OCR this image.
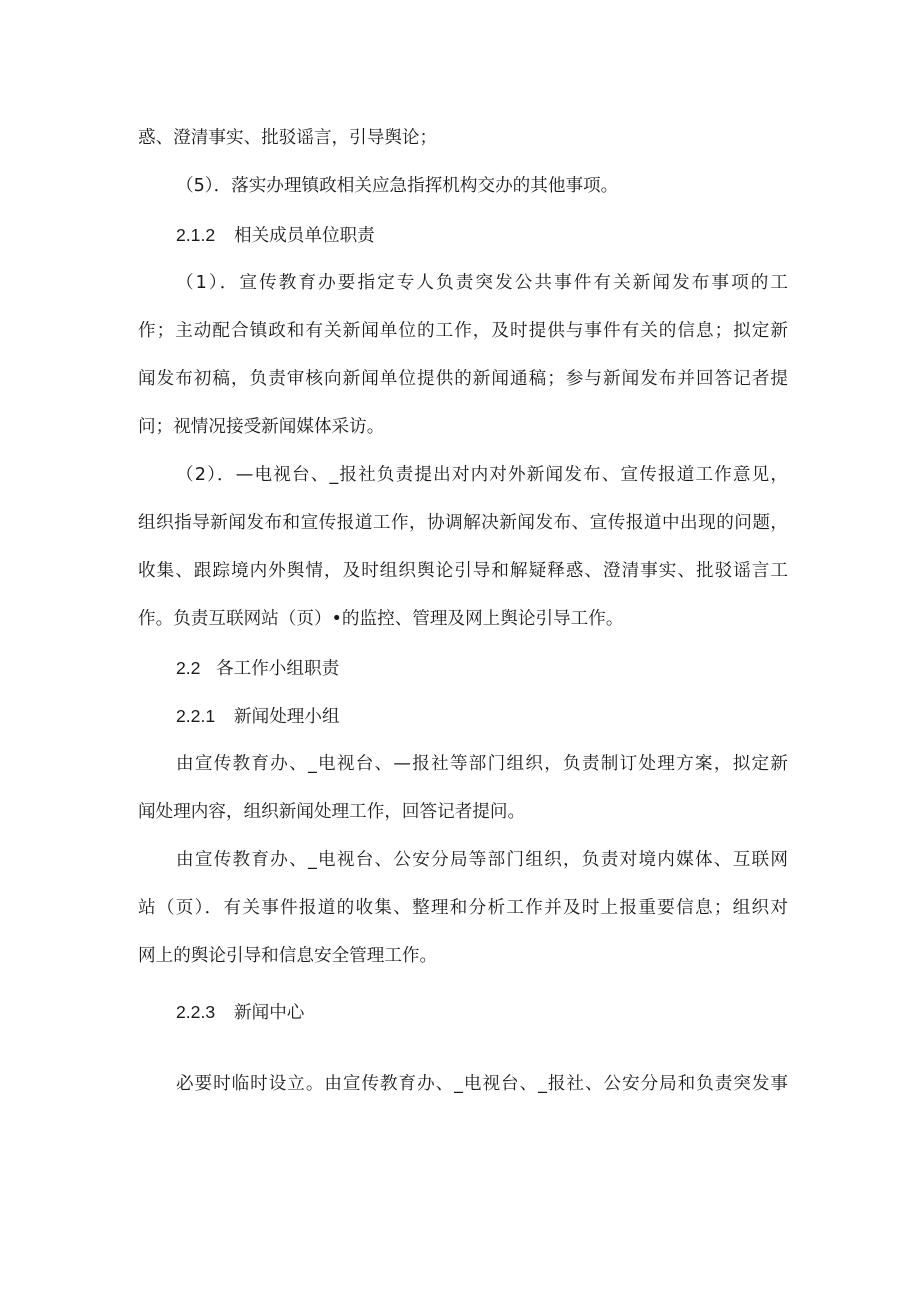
惑、澄清事实、批驳谣言，引导舆论；
（5）．落实办理镇政相关应急指挥机构交办的其他事项。
2.1.2 相关成员单位职责
（1）．宣传教育办要指定专人负责突发公共事件有关新闻发布事项的工
作；主动配合镇政和有关新闻单位的工作，及时提供与事件有关的信息；拟定新
闻发布初稿，负责审核向新闻单位提供的新闻通稿；参与新闻发布并回答记者提
问；视情况接受新闻媒体采访。
（2）．—电视台、_报社负责提出对内对外新闻发布、宣传报道工作意见，
组织指导新闻发布和宣传报道工作，协调解决新闻发布、宣传报道中出现的问题，
收集、跟踪境内外舆情，及时组织舆论引导和解疑释惑、澄清事实、批驳谣言工
作。负责互联网站（页）•的监控、管理及网上舆论引导工作。
2.2 各工作小组职责
2.2.1 新闻处理小组
由宣传教育办、_电视台、—报社等部门组织，负责制订处理方案，拟定新
闻处理内容，组织新闻处理工作，回答记者提问。
由宣传教育办、_电视台、公安分局等部门组织，负责对境内媒体、互联网
站（页）．有关事件报道的收集、整理和分析工作并及时上报重要信息；组织对
网上的舆论引导和信息安全管理工作。
2.2.3 新闻中心
必要时临时设立。由宣传教育办、_电视台、_报社、公安分局和负责突发事
